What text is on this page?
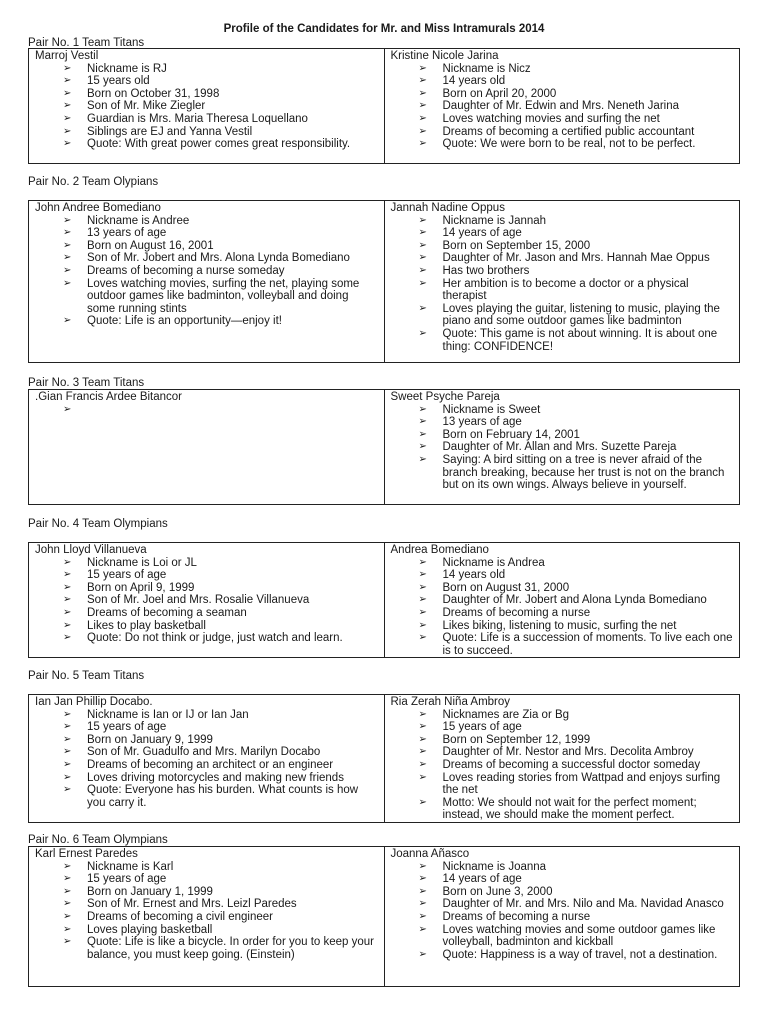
Profile of the Candidates for Mr. and Miss Intramurals 2014
Pair No. 1 Team Titans
Marroj Vestil
➢ Nickname is RJ
➢ 15 years old
➢ Born on October 31, 1998
➢ Son of Mr. Mike Ziegler
➢ Guardian is Mrs. Maria Theresa Loquellano
➢ Siblings are EJ and Yanna Vestil
➢ Quote: With great power comes great responsibility.

Kristine Nicole Jarina
➢ Nickname is Nicz
➢ 14 years old
➢ Born on April 20, 2000
➢ Daughter of Mr. Edwin and Mrs. Neneth Jarina
➢ Loves watching movies and surfing the net
➢ Dreams of becoming a certified public accountant
➢ Quote: We were born to be real, not to be perfect.
Pair No. 2 Team Olypians
John Andree Bomediano
➢ Nickname is Andree
➢ 13 years of age
➢ Born on August 16, 2001
➢ Son of Mr. Jobert and Mrs. Alona Lynda Bomediano
➢ Dreams of becoming a nurse someday
➢ Loves watching movies, surfing the net, playing some outdoor games like badminton, volleyball and doing some running stints
➢ Quote: Life is an opportunity—enjoy it!

Jannah Nadine Oppus
➢ Nickname is Jannah
➢ 14 years of age
➢ Born on September 15, 2000
➢ Daughter of Mr. Jason and Mrs. Hannah Mae Oppus
➢ Has two brothers
➢ Her ambition is to become a doctor or a physical therapist
➢ Loves playing the guitar, listening to music, playing the piano and some outdoor games like badminton
➢ Quote: This game is not about winning. It is about one thing: CONFIDENCE!
Pair No. 3 Team Titans
.Gian Francis Ardee Bitancor	Sweet Psyche Pareja
➢ Nickname is Sweet
➢ 13 years of age
➢ Born on February 14, 2001
➢ Daughter of Mr. Allan and Mrs. Suzette Pareja
➢ Saying: A bird sitting on a tree is never afraid of the branch breaking, because her trust is not on the branch but on its own wings. Always believe in yourself.
Pair No. 4 Team Olympians
John Lloyd Villanueva
➢ Nickname is Loi or JL
➢ 15 years of age
➢ Born on April 9, 1999
➢ Son of Mr. Joel and Mrs. Rosalie Villanueva
➢ Dreams of becoming a seaman
➢ Likes to play basketball
➢ Quote: Do not think or judge, just watch and learn.

Andrea Bomediano
➢ Nickname is Andrea
➢ 14 years old
➢ Born on August 31, 2000
➢ Daughter of Mr. Jobert and Alona Lynda Bomediano
➢ Dreams of becoming a nurse
➢ Likes biking, listening to music, surfing the net
➢ Quote: Life is a succession of moments. To live each one is to succeed.
Pair No. 5 Team Titans
Ian Jan Phillip Docabo.
➢ Nickname is Ian or IJ or Ian Jan
➢ 15 years of age
➢ Born on January 9, 1999
➢ Son of Mr. Guadulfo and Mrs. Marilyn Docabo
➢ Dreams of becoming an architect or an engineer
➢ Loves driving motorcycles and making new friends
➢ Quote: Everyone has his burden. What counts is how you carry it.

Ria Zerah Niña Ambroy
➢ Nicknames are Zia or Bg
➢ 15 years of age
➢ Born on September 12, 1999
➢ Daughter of Mr. Nestor and Mrs. Decolita Ambroy
➢ Dreams of becoming a successful doctor someday
➢ Loves reading stories from Wattpad and enjoys surfing the net
➢ Motto: We should not wait for the perfect moment; instead, we should make the moment perfect.
Pair No. 6 Team Olympians
Karl Ernest Paredes
➢ Nickname is Karl
➢ 15 years of age
➢ Born on January 1, 1999
➢ Son of Mr. Ernest and Mrs. Leizl Paredes
➢ Dreams of becoming a civil engineer
➢ Loves playing basketball
➢ Quote: Life is like a bicycle. In order for you to keep your balance, you must keep going. (Einstein)

Joanna Añasco
➢ Nickname is Joanna
➢ 14 years of age
➢ Born on June 3, 2000
➢ Daughter of Mr. and Mrs. Nilo and Ma. Navidad Anasco
➢ Dreams of becoming a nurse
➢ Loves watching movies and some outdoor games like volleyball, badminton and kickball
➢ Quote: Happiness is a way of travel, not a destination.
